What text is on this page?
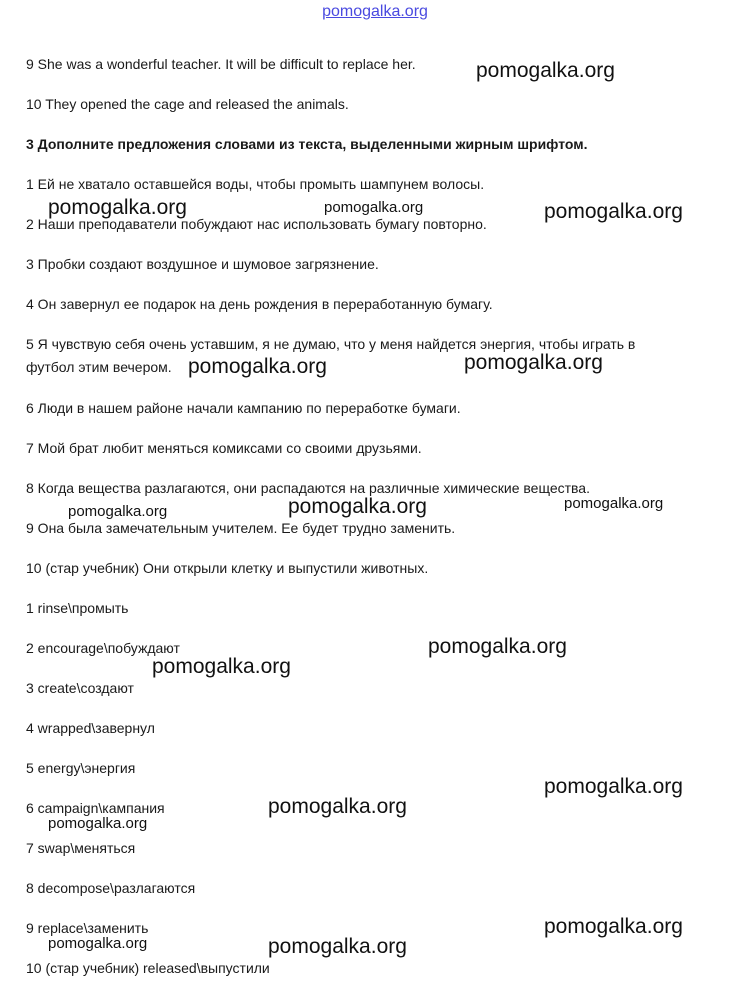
pomogalka.org
9 She was a wonderful teacher. It will be difficult to replace her.
10 They opened the cage and released the animals.
3 Дополните предложения словами из текста, выделенными жирным шрифтом.
1 Ей не хватало оставшейся воды, чтобы промыть шампунем волосы.
2 Наши преподаватели побуждают нас использовать бумагу повторно.
3 Пробки создают воздушное и шумовое загрязнение.
4 Он завернул ее подарок на день рождения в переработанную бумагу.
5 Я чувствую себя очень уставшим, я не думаю, что у меня найдется энергия, чтобы играть в
футбол этим вечером.
6 Люди в нашем районе начали кампанию по переработке бумаги.
7 Мой брат любит меняться комиксами со своими друзьями.
8 Когда вещества разлагаются, они распадаются на различные химические вещества.
9 Она была замечательным учителем. Ее будет трудно заменить.
10 (стар учебник) Они открыли клетку и выпустили животных.
1 rinse\промыть
2 encourage\побуждают
3 create\создают
4 wrapped\завернул
5 energy\энергия
6 campaign\кампания
7 swap\меняться
8 decompose\разлагаются
9 replace\заменить
10 (стар учебник) released\выпустили
pomogalka.org
pomogalka.org	pomogalka.org	pomogalka.org
pomogalka.org	pomogalka.org
pomogalka.org	pomogalka.org	pomogalka.org
pomogalka.org
pomogalka.org
pomogalka.org
pomogalka.org
pomogalka.org
pomogalka.org
pomogalka.org	pomogalka.org
